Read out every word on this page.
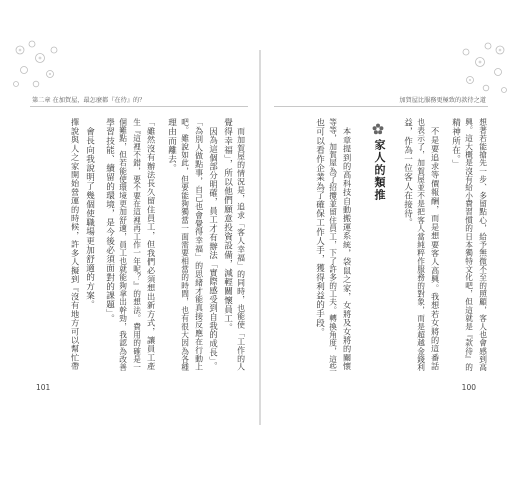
第二章 在加賀屋，最怎麼都『在待』的？	加賀屋比服務更極致的款待之道
想著若能搶先一步、多留點心，給予無微不至的照顧，客人也會感到高
興。這大概是沒有給小費習慣的日本獨特文化吧，但這就是『款待』的
精神所在。」
不是要追求等價報酬，而是想要客人高興。我想若女將的這番話
也表示了，加賀屋並不是把客人當純粹作服務的對象，而是超越金錢利
益，作為一位客人在接待。
家人的類推
本章提到的高科技自動搬運系統，袋鼠之家，女將及女將的關懷
等等，加賀屋為了招攬並留住員工，下了許多的工夫。轉換角度，這些
也可以看作企業為了確保工作人手，獲得利益的手段。
100
而加賀屋的情況是，追求「客人幸福」的同時，也能使「工作的人
覺得幸福」，所以他們願意投資設備，減輕關懷員工。
因為這個部分明確，員工才有辦法「實際感受到自我的成長」。
「為別人做點事，自己也會覺得幸福」的思緒才能真接反應在行動上
吧。雖說如此，但要能夠獨當一面需要相當的時間，也有很大因為各種
理由而離去。
「雖然沒有辦法長久留住員工，但我們必須想出新方式，讓員工產
生『這裡不錯，要不要在這裡再工作一年呢？』的想法。費用的確是一
個難點，但若能使環境更加舒適，員工也就能夠拿出幹勁，我認為改善
學習技能、續留的環境，是今後必須面對的課題」。
會長向我說明了幾個使職場更加舒適的方案。
擇說與人之家開始營運的時候，許多人擬到『沒有地方可以幫忙帶
101
